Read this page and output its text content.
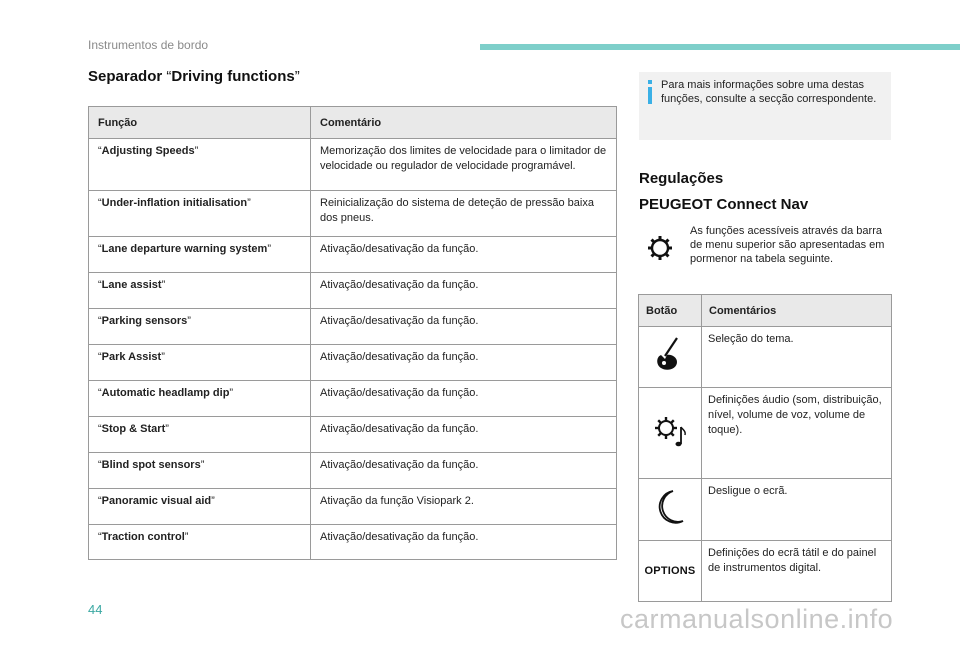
Instrumentos de bordo
Separador “Driving functions”
Função	Comentário
“Adjusting Speeds”	Memorização dos limites de velocidade para o limitador de velocidade ou regulador de velocidade programável.
“Under-inflation initialisation”	Reinicialização do sistema de deteção de pressão baixa dos pneus.
“Lane departure warning system”	Ativação/desativação da função.
“Lane assist”	Ativação/desativação da função.
“Parking sensors”	Ativação/desativação da função.
“Park Assist”	Ativação/desativação da função.
“Automatic headlamp dip”	Ativação/desativação da função.
“Stop & Start”	Ativação/desativação da função.
“Blind spot sensors”	Ativação/desativação da função.
“Panoramic visual aid”	Ativação da função Visiopark 2.
“Traction control”	Ativação/desativação da função.
Para mais informações sobre uma destas funções, consulte a secção correspondente.
Regulações
PEUGEOT Connect Nav
As funções acessíveis através da barra de menu superior são apresentadas em pormenor na tabela seguinte.
Botão	Comentários
	Seleção do tema.
	Definições áudio (som, distribuição, nível, volume de voz, volume de toque).
	Desligue o ecrã.
OPTIONS	Definições do ecrã tátil e do painel de instrumentos digital.
44	carmanualsonline.info
